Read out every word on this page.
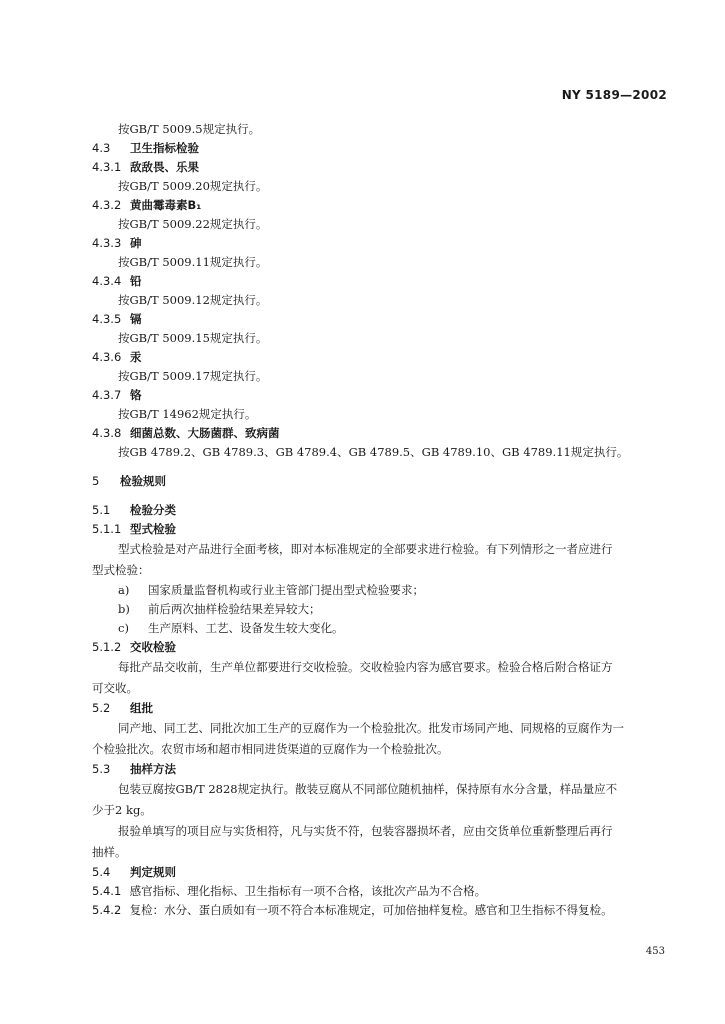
NY 5189—2002
按GB/T 5009.5规定执行。
4.3 卫生指标检验
4.3.1 敌敌畏、乐果
按GB/T 5009.20规定执行。
4.3.2 黄曲霉毒素B₁
按GB/T 5009.22规定执行。
4.3.3 砷
按GB/T 5009.11规定执行。
4.3.4 铅
按GB/T 5009.12规定执行。
4.3.5 镉
按GB/T 5009.15规定执行。
4.3.6 汞
按GB/T 5009.17规定执行。
4.3.7 铬
按GB/T 14962规定执行。
4.3.8 细菌总数、大肠菌群、致病菌
按GB 4789.2、GB 4789.3、GB 4789.4、GB 4789.5、GB 4789.10、GB 4789.11规定执行。
5 检验规则
5.1 检验分类
5.1.1 型式检验
型式检验是对产品进行全面考核，即对本标准规定的全部要求进行检验。有下列情形之一者应进行
型式检验：
a) 国家质量监督机构或行业主管部门提出型式检验要求；
b) 前后两次抽样检验结果差异较大；
c) 生产原料、工艺、设备发生较大变化。
5.1.2 交收检验
每批产品交收前，生产单位都要进行交收检验。交收检验内容为感官要求。检验合格后附合格证方
可交收。
5.2 组批
同产地、同工艺、同批次加工生产的豆腐作为一个检验批次。批发市场同产地、同规格的豆腐作为一
个检验批次。农贸市场和超市相同进货渠道的豆腐作为一个检验批次。
5.3 抽样方法
包装豆腐按GB/T 2828规定执行。散装豆腐从不同部位随机抽样，保持原有水分含量，样品量应不
少于2 kg。
报验单填写的项目应与实货相符，凡与实货不符，包装容器损坏者，应由交货单位重新整理后再行
抽样。
5.4 判定规则
5.4.1 感官指标、理化指标、卫生指标有一项不合格，该批次产品为不合格。
5.4.2 复检：水分、蛋白质如有一项不符合本标准规定，可加倍抽样复检。感官和卫生指标不得复检。
453
